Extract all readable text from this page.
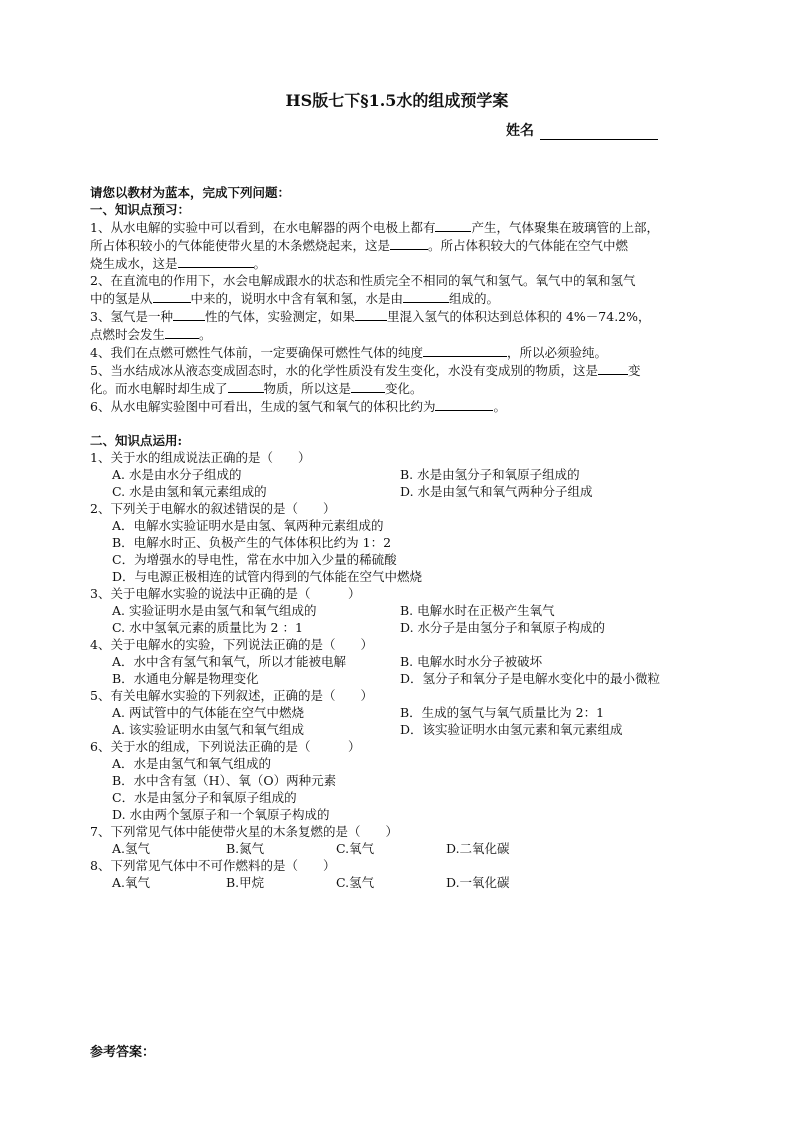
HS版七下§1.5水的组成预学案
姓名
请您以教材为蓝本，完成下列问题：
一、知识点预习：
1、从水电解的实验中可以看到，在水电解器的两个电极上都有	产生，气体聚集在玻璃管的上部，
所占体积较小的气体能使带火星的木条燃烧起来，这是	。所占体积较大的气体能在空气中燃
烧生成水，这是	。
2、在直流电的作用下，水会电解成跟水的状态和性质完全不相同的氧气和氢气。氧气中的氧和氢气
中的氢是从	中来的，说明水中含有氧和氢，水是由	组成的。
3、氢气是一种	性的气体，实验测定，如果	里混入氢气的体积达到总体积的 4%－74.2%，
点燃时会发生	。
4、我们在点燃可燃性气体前，一定要确保可燃性气体的纯度	，所以必须验纯。
5、当水结成冰从液态变成固态时，水的化学性质没有发生变化，水没有变成别的物质，这是 变
化。而水电解时却生成了	物质，所以这是	变化。
6、从水电解实验图中可看出，生成的氢气和氧气的体积比约为	。
二、知识点运用:
1、关于水的组成说法正确的是（　　）
A. 水是由水分子组成的	B. 水是由氢分子和氧原子组成的
C. 水是由氢和氧元素组成的	D. 水是由氢气和氧气两种分子组成
2、下列关于电解水的叙述错误的是（　　）
A．电解水实验证明水是由氢、氧两种元素组成的
B．电解水时正、负极产生的气体体积比约为 1：2
C．为增强水的导电性，常在水中加入少量的稀硫酸
D．与电源正极相连的试管内得到的气体能在空气中燃烧
3、关于电解水实验的说法中正确的是（　　　）
A. 实验证明水是由氢气和氧气组成的	B. 电解水时在正极产生氧气
C. 水中氢氧元素的质量比为 2 ：1	D. 水分子是由氢分子和氧原子构成的
4、关于电解水的实验，下列说法正确的是（　　）
A．水中含有氢气和氧气，所以才能被电解	B. 电解水时水分子被破坏
B．水通电分解是物理变化	D．氢分子和氧分子是电解水变化中的最小微粒
5、有关电解水实验的下列叙述，正确的是（　　）
A. 两试管中的气体能在空气中燃烧	B．生成的氢气与氧气质量比为 2：1
A. 该实验证明水由氢气和氧气组成	D．该实验证明水由氢元素和氧元素组成
6、关于水的组成，下列说法正确的是（　　　）
A．水是由氢气和氧气组成的
B．水中含有氢（H）、氧（O）两种元素
C．水是由氢分子和氧原子组成的
D. 水由两个氢原子和一个氧原子构成的
7、下列常见气体中能使带火星的木条复燃的是（　　）
A.氢气	B.氮气	C.氧气	D.二氧化碳
8、下列常见气体中不可作燃料的是（　　）
A.氧气	B.甲烷	C.氢气	D.一氧化碳
参考答案：
